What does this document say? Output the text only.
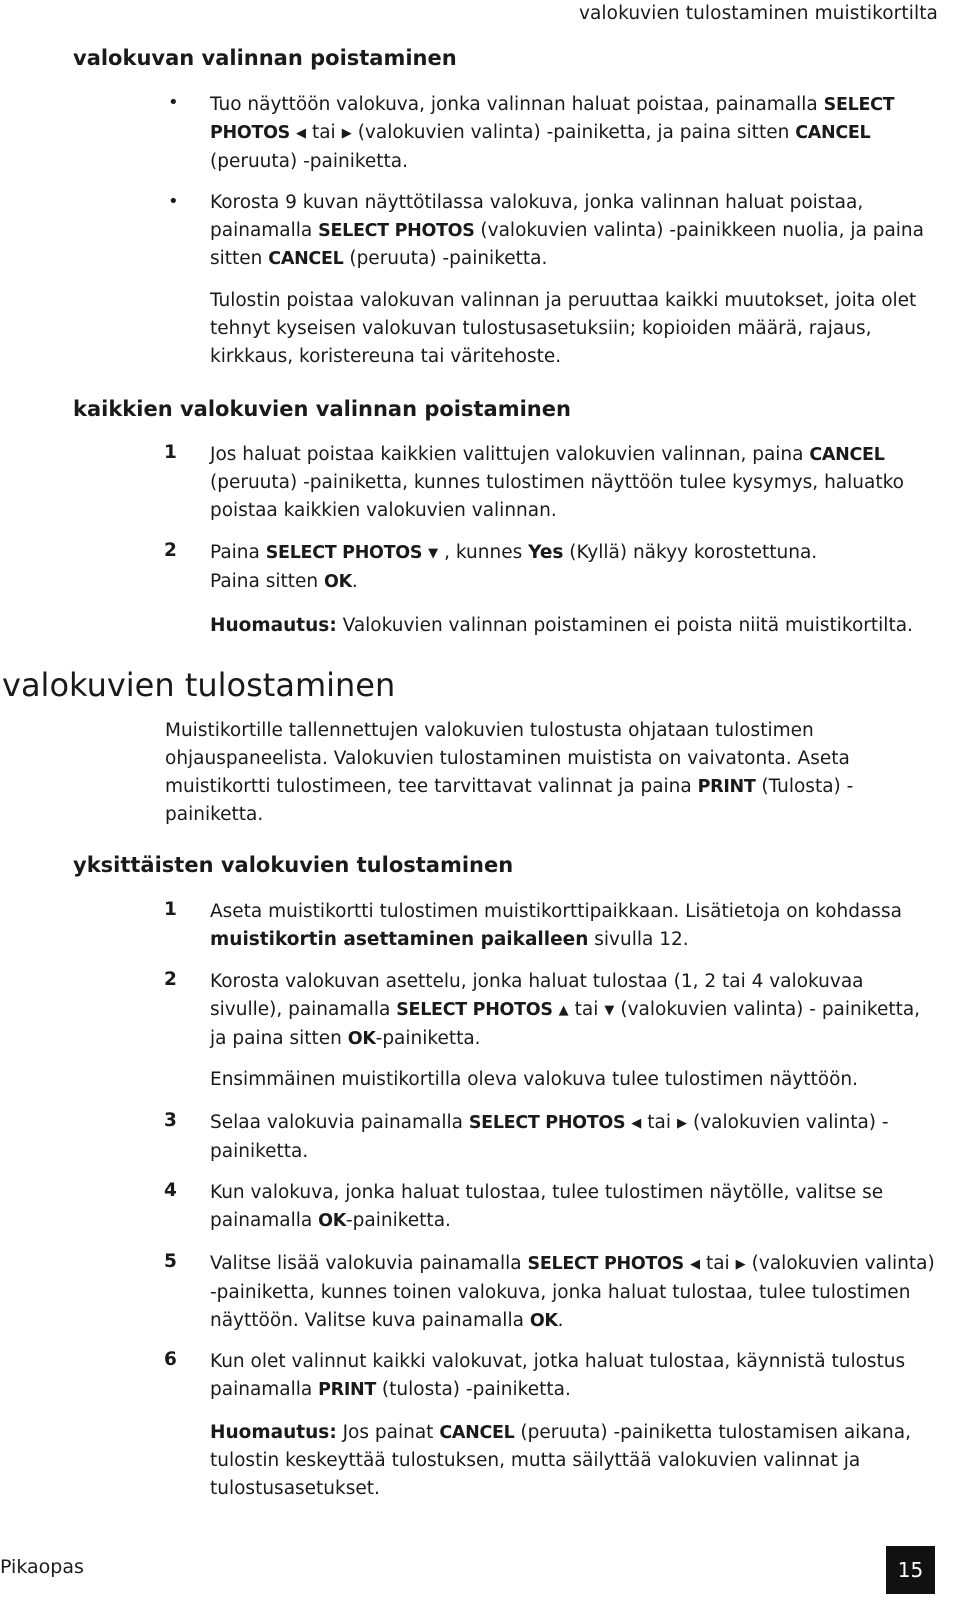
valokuvien tulostaminen muistikortilta
valokuvan valinnan poistaminen
• Tuo näyttöön valokuva, jonka valinnan haluat poistaa, painamalla SELECT
PHOTOS ◀ tai ▶ (valokuvien valinta) -painiketta, ja paina sitten CANCEL
(peruuta) -painiketta.
• Korosta 9 kuvan näyttötilassa valokuva, jonka valinnan haluat poistaa, painamalla SELECT PHOTOS (valokuvien valinta) -painikkeen nuolia, ja paina sitten CANCEL (peruuta) -painiketta.
Tulostin poistaa valokuvan valinnan ja peruuttaa kaikki muutokset, joita olet tehnyt kyseisen valokuvan tulostusasetuksiin; kopioiden määrä, rajaus, kirkkaus, koristereuna tai väritehoste.
kaikkien valokuvien valinnan poistaminen
1 Jos haluat poistaa kaikkien valittujen valokuvien valinnan, paina CANCEL
(peruuta) -painiketta, kunnes tulostimen näyttöön tulee kysymys, haluatko poistaa kaikkien valokuvien valinnan.
2 Paina SELECT PHOTOS ▼ , kunnes Yes (Kyllä) näkyy korostettuna.
Paina sitten OK.
Huomautus: Valokuvien valinnan poistaminen ei poista niitä muistikortilta.
valokuvien tulostaminen
Muistikortille tallennettujen valokuvien tulostusta ohjataan tulostimen ohjauspaneelista. Valokuvien tulostaminen muistista on vaivatonta. Aseta muistikortti tulostimeen, tee tarvittavat valinnat ja paina PRINT (Tulosta) -painiketta.
yksittäisten valokuvien tulostaminen
1 Aseta muistikortti tulostimen muistikorttipaikkaan. Lisätietoja on kohdassa muistikortin asettaminen paikalleen sivulla 12.
2 Korosta valokuvan asettelu, jonka haluat tulostaa (1, 2 tai 4 valokuvaa sivulle), painamalla SELECT PHOTOS ▲ tai ▼ (valokuvien valinta) - painiketta, ja paina sitten OK-painiketta.
Ensimmäinen muistikortilla oleva valokuva tulee tulostimen näyttöön.
3 Selaa valokuvia painamalla SELECT PHOTOS ◀ tai ▶ (valokuvien valinta) - painiketta.
4 Kun valokuva, jonka haluat tulostaa, tulee tulostimen näytölle, valitse se painamalla OK-painiketta.
5 Valitse lisää valokuvia painamalla SELECT PHOTOS ◀ tai ▶ (valokuvien valinta) -painiketta, kunnes toinen valokuva, jonka haluat tulostaa, tulee tulostimen näyttöön. Valitse kuva painamalla OK.
6 Kun olet valinnut kaikki valokuvat, jotka haluat tulostaa, käynnistä tulostus painamalla PRINT (tulosta) -painiketta.
Huomautus: Jos painat CANCEL (peruuta) -painiketta tulostamisen aikana, tulostin keskeyttää tulostuksen, mutta säilyttää valokuvien valinnat ja tulostusasetukset.
Pikaopas	15
